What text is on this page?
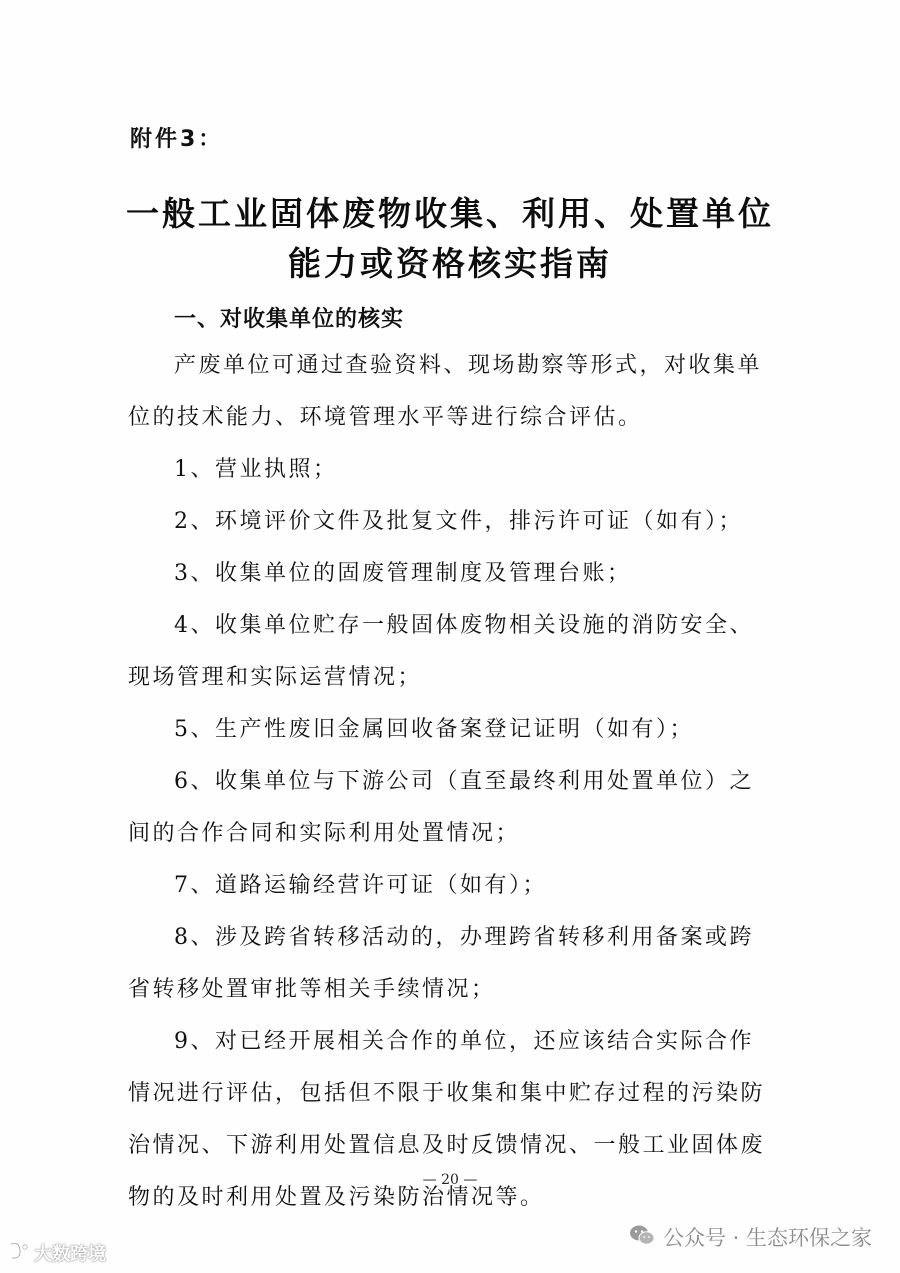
附件3：
一般工业固体废物收集、利用、处置单位
能力或资格核实指南
一、对收集单位的核实
产废单位可通过查验资料、现场勘察等形式，对收集单
位的技术能力、环境管理水平等进行综合评估。
1、营业执照；
2、环境评价文件及批复文件，排污许可证（如有）；
3、收集单位的固废管理制度及管理台账；
4、收集单位贮存一般固体废物相关设施的消防安全、
现场管理和实际运营情况；
5、生产性废旧金属回收备案登记证明（如有）；
6、收集单位与下游公司（直至最终利用处置单位）之
间的合作合同和实际利用处置情况；
7、道路运输经营许可证（如有）；
8、涉及跨省转移活动的，办理跨省转移利用备案或跨
省转移处置审批等相关手续情况；
9、对已经开展相关合作的单位，还应该结合实际合作
情况进行评估，包括但不限于收集和集中贮存过程的污染防
治情况、下游利用处置信息及时反馈情况、一般工业固体废
物的及时利用处置及污染防治情况等。
— 20 —
公众号 · 生态环保之家
大数跨境
